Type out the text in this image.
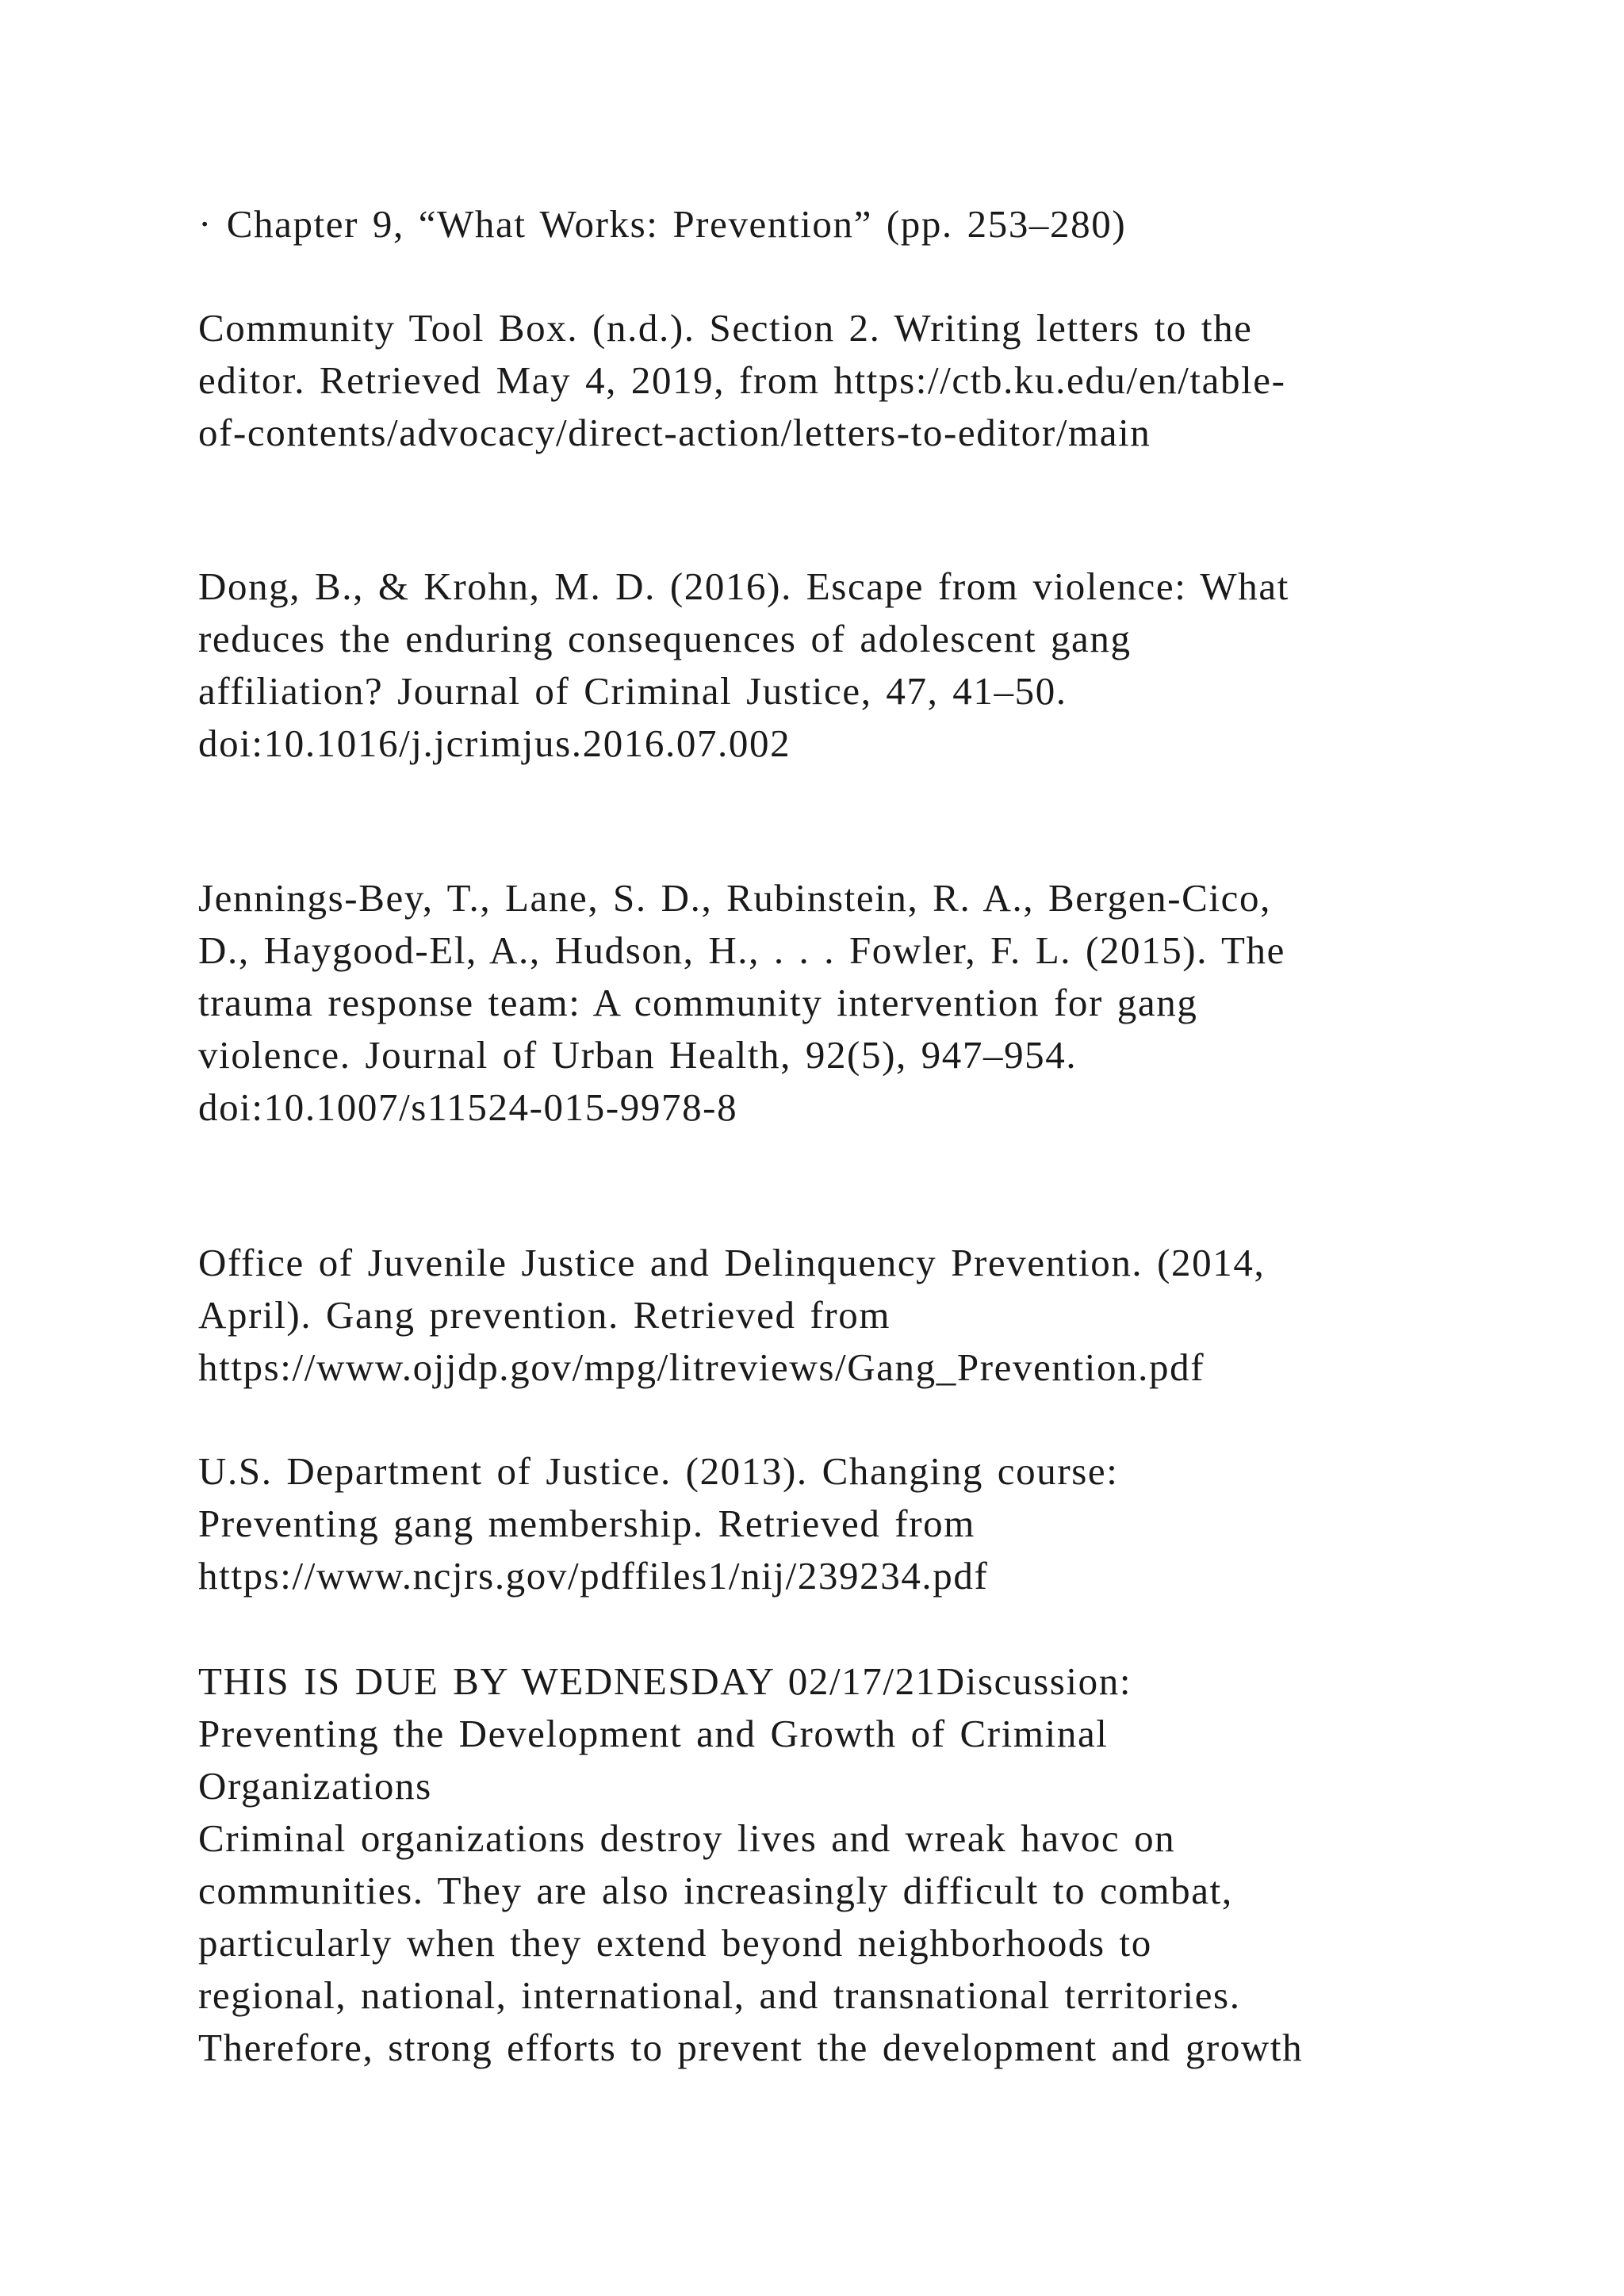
· Chapter 9, “What Works: Prevention” (pp. 253–280)
Community Tool Box. (n.d.). Section 2. Writing letters to the
editor. Retrieved May 4, 2019, from https://ctb.ku.edu/en/table-
of-contents/advocacy/direct-action/letters-to-editor/main
Dong, B., & Krohn, M. D. (2016). Escape from violence: What
reduces the enduring consequences of adolescent gang
affiliation? Journal of Criminal Justice, 47, 41–50.
doi:10.1016/j.jcrimjus.2016.07.002
Jennings-Bey, T., Lane, S. D., Rubinstein, R. A., Bergen-Cico,
D., Haygood-El, A., Hudson, H., . . . Fowler, F. L. (2015). The
trauma response team: A community intervention for gang
violence. Journal of Urban Health, 92(5), 947–954.
doi:10.1007/s11524-015-9978-8
Office of Juvenile Justice and Delinquency Prevention. (2014,
April). Gang prevention. Retrieved from
https://www.ojjdp.gov/mpg/litreviews/Gang_Prevention.pdf
U.S. Department of Justice. (2013). Changing course:
Preventing gang membership. Retrieved from
https://www.ncjrs.gov/pdffiles1/nij/239234.pdf
THIS IS DUE BY WEDNESDAY 02/17/21Discussion:
Preventing the Development and Growth of Criminal
Organizations
Criminal organizations destroy lives and wreak havoc on
communities. They are also increasingly difficult to combat,
particularly when they extend beyond neighborhoods to
regional, national, international, and transnational territories.
Therefore, strong efforts to prevent the development and growth
